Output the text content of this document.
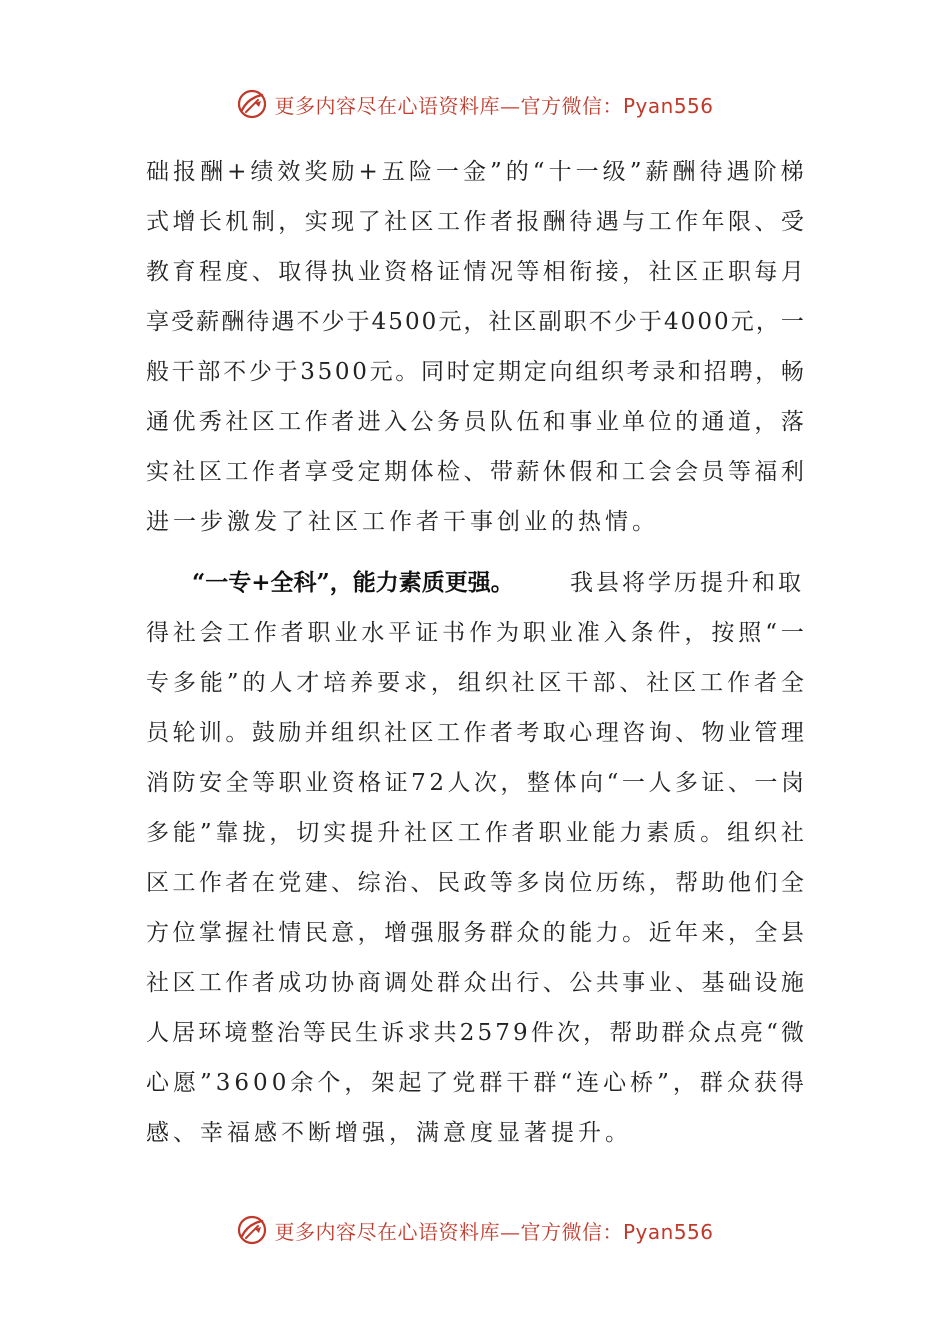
更多内容尽在心语资料库—官方微信：Pyan556
础 报 酬 + 绩 效 奖 励 + 五 险 一 金 ” 的 “ 十 一 级 ” 薪 酬 待 遇 阶 梯
式 增 长 机 制 ， 实 现 了 社 区 工 作 者 报 酬 待 遇 与 工 作 年 限 、 受
教 育 程 度 、 取 得 执 业 资 格 证 情 况 等 相 衔 接 ， 社 区 正 职 每 月
享 受 薪 酬 待 遇 不 少 于 4 5 0 0 元 ， 社 区 副 职 不 少 于 4 0 0 0 元 ， 一
般 干 部 不 少 于 3 5 0 0 元 。 同 时 定 期 定 向 组 织 考 录 和 招 聘 ， 畅
通 优 秀 社 区 工 作 者 进 入 公 务 员 队 伍 和 事 业 单 位 的 通 道 ， 落
实 社 区 工 作 者 享 受 定 期 体 检 、 带 薪 休 假 和 工 会 会 员 等 福 利
进一步激发了社区工作者干事创业的热情。
“一专+全科”，能力素质更强。 我县将学历提升和取
得 社 会 工 作 者 职 业 水 平 证 书 作 为 职 业 准 入 条 件 ， 按 照 “ 一
专 多 能 ” 的 人 才 培 养 要 求 ， 组 织 社 区 干 部 、 社 区 工 作 者 全
员 轮 训 。 鼓 励 并 组 织 社 区 工 作 者 考 取 心 理 咨 询 、 物 业 管 理
消 防 安 全 等 职 业 资 格 证 7 2 人 次 ， 整 体 向 “ 一 人 多 证 、 一 岗
多 能 ” 靠 拢 ， 切 实 提 升 社 区 工 作 者 职 业 能 力 素 质 。 组 织 社
区 工 作 者 在 党 建 、 综 治 、 民 政 等 多 岗 位 历 练 ， 帮 助 他 们 全
方 位 掌 握 社 情 民 意 ， 增 强 服 务 群 众 的 能 力 。 近 年 来 ， 全 县
社 区 工 作 者 成 功 协 商 调 处 群 众 出 行 、 公 共 事 业 、 基 础 设 施
人 居 环 境 整 治 等 民 生 诉 求 共 2 5 7 9 件 次 ， 帮 助 群 众 点 亮 “ 微
心 愿 ” 3 6 0 0 余 个 ， 架 起 了 党 群 干 群 “ 连 心 桥 ” ， 群 众 获 得
感、幸福感不断增强，满意度显著提升。
更多内容尽在心语资料库—官方微信：Pyan556
